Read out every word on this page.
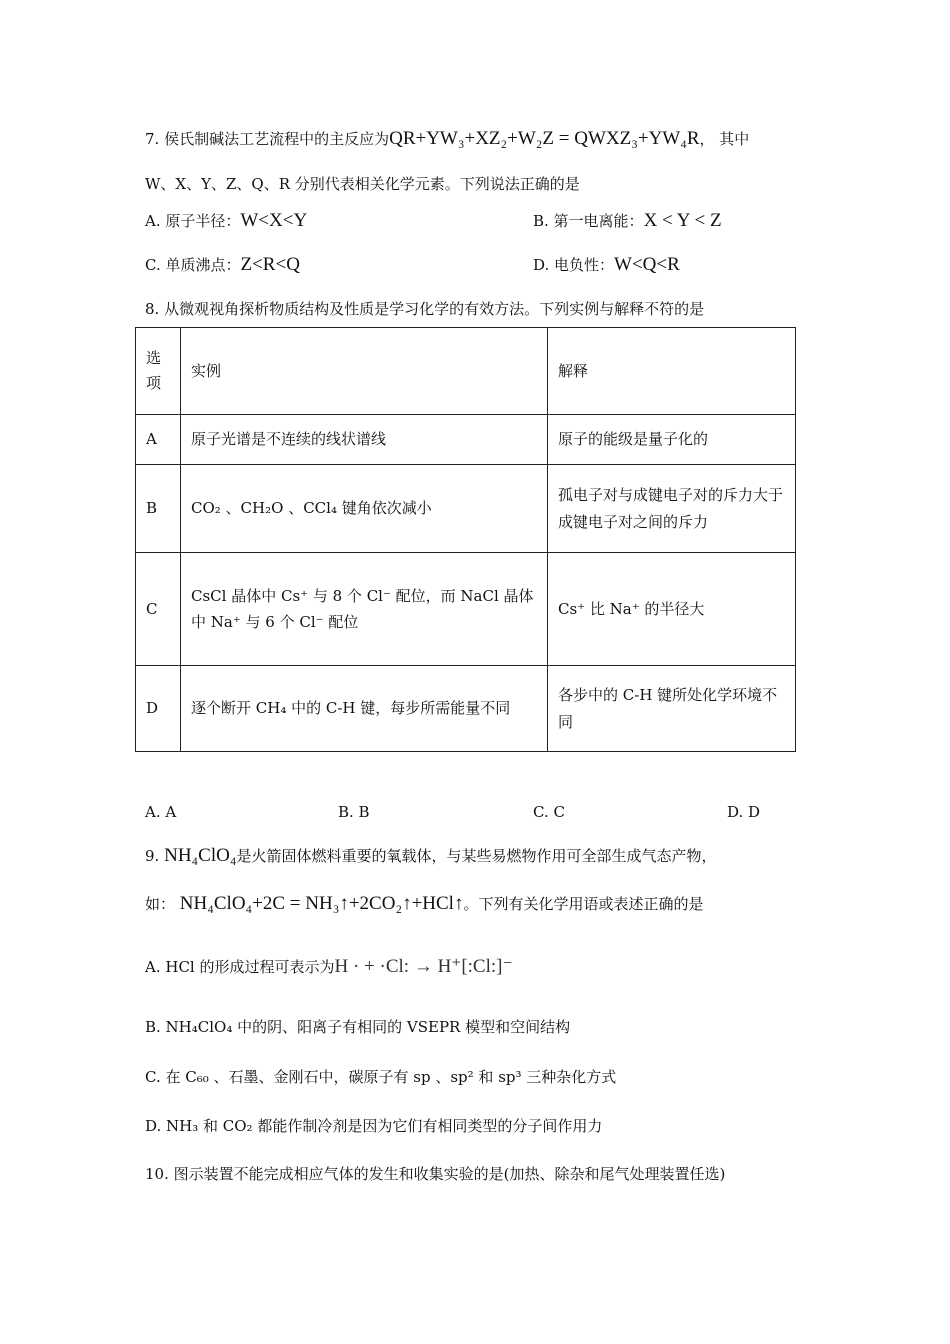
7. 侯氏制碱法工艺流程中的主反应为QR+YW₃+XZ₂+W₂Z = QWXZ₃+YW₄R， 其中
W、X、Y、Z、Q、R 分别代表相关化学元素。下列说法正确的是
A. 原子半径：W<X<Y	B. 第一电离能：X < Y < Z
C. 单质沸点：Z<R<Q	D. 电负性：W<Q<R
8. 从微观视角探析物质结构及性质是学习化学的有效方法。下列实例与解释不符的是
选项	实例	解释
A	原子光谱是不连续的线状谱线	原子的能级是量子化的
B	CO₂ 、CH₂O 、CCl₄ 键角依次减小	孤电子对与成键电子对的斥力大于成键电子对之间的斥力
C	CsCl 晶体中 Cs⁺ 与 8 个 Cl⁻ 配位，而 NaCl 晶体中 Na⁺ 与 6 个 Cl⁻ 配位	Cs⁺ 比 Na⁺ 的半径大
D	逐个断开 CH₄ 中的 C-H 键，每步所需能量不同	各步中的 C-H 键所处化学环境不同
A. A	B. B	C. C	D. D
9. NH₄ClO₄是火箭固体燃料重要的氧载体，与某些易燃物作用可全部生成气态产物，
如： NH₄ClO₄+2C = NH₃↑+2CO₂↑+HCl↑。下列有关化学用语或表述正确的是
A. HCl 的形成过程可表示为H · + ·Cl: → H⁺[:Cl:]⁻
B. NH₄ClO₄ 中的阴、阳离子有相同的 VSEPR 模型和空间结构
C. 在 C₆₀ 、石墨、金刚石中，碳原子有 sp 、sp² 和 sp³ 三种杂化方式
D. NH₃ 和 CO₂ 都能作制冷剂是因为它们有相同类型的分子间作用力
10. 图示装置不能完成相应气体的发生和收集实验的是(加热、除杂和尾气处理装置任选)
